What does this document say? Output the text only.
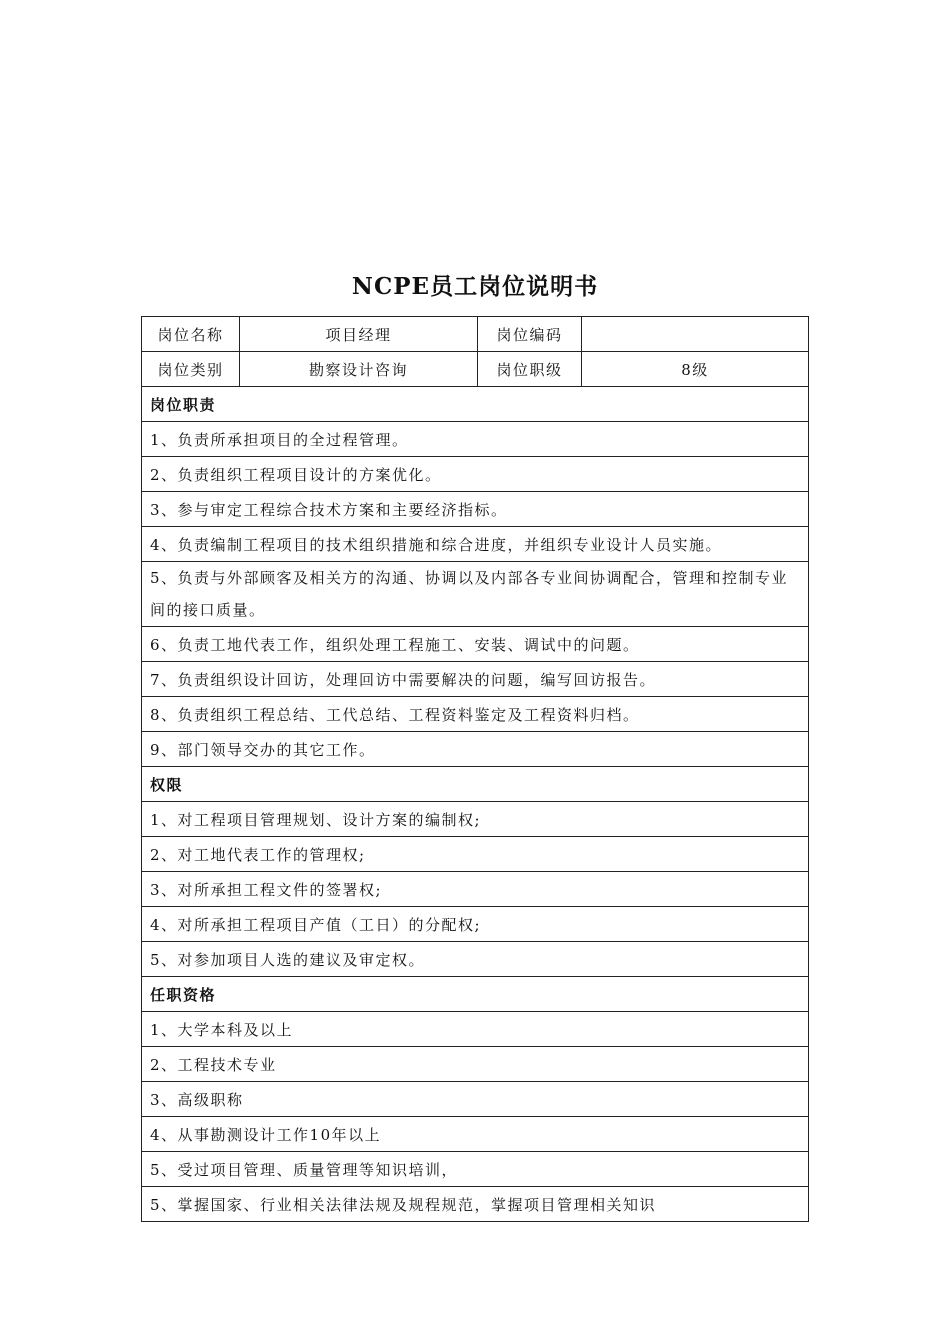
NCPE员工岗位说明书
岗位名称	项目经理	岗位编码	
岗位类别	勘察设计咨询	岗位职级	8级
岗位职责			
1、负责所承担项目的全过程管理。			
2、负责组织工程项目设计的方案优化。			
3、参与审定工程综合技术方案和主要经济指标。			
4、负责编制工程项目的技术组织措施和综合进度，并组织专业设计人员实施。			
5、负责与外部顾客及相关方的沟通、协调以及内部各专业间协调配合，管理和控制专业间的接口质量。			
6、负责工地代表工作，组织处理工程施工、安装、调试中的问题。			
7、负责组织设计回访，处理回访中需要解决的问题，编写回访报告。			
8、负责组织工程总结、工代总结、工程资料鉴定及工程资料归档。			
9、部门领导交办的其它工作。			
权限			
1、对工程项目管理规划、设计方案的编制权;			
2、对工地代表工作的管理权;			
3、对所承担工程文件的签署权;			
4、对所承担工程项目产值（工日）的分配权;			
5、对参加项目人选的建议及审定权。			
任职资格			
1、大学本科及以上			
2、工程技术专业			
3、高级职称			
4、从事勘测设计工作10年以上			
5、受过项目管理、质量管理等知识培训，			
5、掌握国家、行业相关法律法规及规程规范，掌握项目管理相关知识			
